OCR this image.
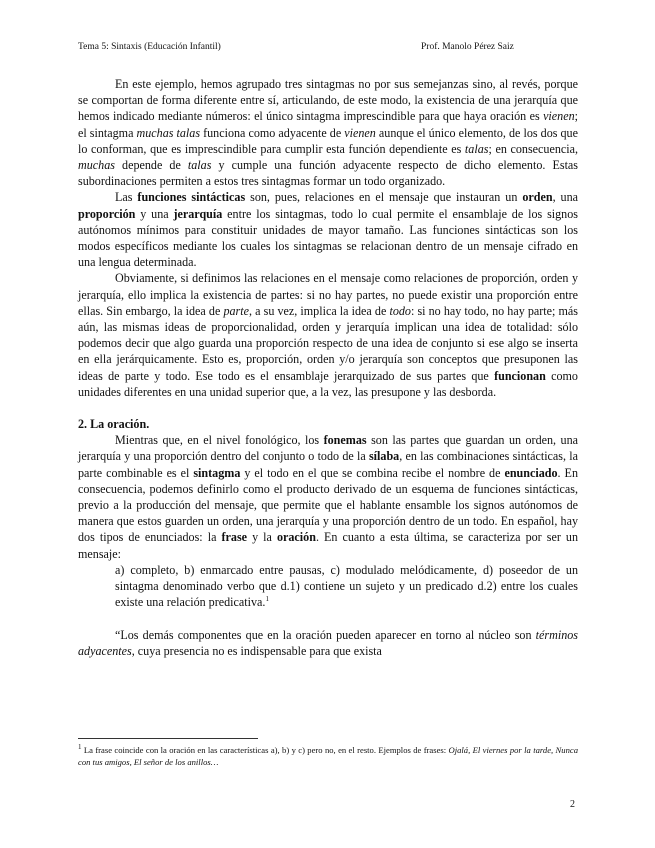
Tema 5: Sintaxis (Educación Infantil)	Prof. Manolo Pérez Saiz

En este ejemplo, hemos agrupado tres sintagmas no por sus semejanzas sino, al revés, porque se comportan de forma diferente entre sí, articulando, de este modo, la existencia de una jerarquía que hemos indicado mediante números: el único sintagma imprescindible para que haya oración es vienen; el sintagma muchas talas funciona como adyacente de vienen aunque el único elemento, de los dos que lo conforman, que es imprescindible para cumplir esta función dependiente es talas; en consecuencia, muchas depende de talas y cumple una función adyacente respecto de dicho elemento. Estas subordinaciones permiten a estos tres sintagmas formar un todo organizado.

Las funciones sintácticas son, pues, relaciones en el mensaje que instauran un orden, una proporción y una jerarquía entre los sintagmas, todo lo cual permite el ensamblaje de los signos autónomos mínimos para constituir unidades de mayor tamaño. Las funciones sintácticas son los modos específicos mediante los cuales los sintagmas se relacionan dentro de un mensaje cifrado en una lengua determinada.

Obviamente, si definimos las relaciones en el mensaje como relaciones de proporción, orden y jerarquía, ello implica la existencia de partes: si no hay partes, no puede existir una proporción entre ellas. Sin embargo, la idea de parte, a su vez, implica la idea de todo: si no hay todo, no hay parte; más aún, las mismas ideas de proporcionalidad, orden y jerarquía implican una idea de totalidad: sólo podemos decir que algo guarda una proporción respecto de una idea de conjunto si ese algo se inserta en ella jerárquicamente. Esto es, proporción, orden y/o jerarquía son conceptos que presuponen las ideas de parte y todo. Ese todo es el ensamblaje jerarquizado de sus partes que funcionan como unidades diferentes en una unidad superior que, a la vez, las presupone y las desborda.

2. La oración.

Mientras que, en el nivel fonológico, los fonemas son las partes que guardan un orden, una jerarquía y una proporción dentro del conjunto o todo de la sílaba, en las combinaciones sintácticas, la parte combinable es el sintagma y el todo en el que se combina recibe el nombre de enunciado. En consecuencia, podemos definirlo como el producto derivado de un esquema de funciones sintácticas, previo a la producción del mensaje, que permite que el hablante ensamble los signos autónomos de manera que estos guarden un orden, una jerarquía y una proporción dentro de un todo. En español, hay dos tipos de enunciados: la frase y la oración. En cuanto a esta última, se caracteriza por ser un mensaje:

a) completo, b) enmarcado entre pausas, c) modulado melódicamente, d) poseedor de un sintagma denominado verbo que d.1) contiene un sujeto y un predicado d.2) entre los cuales existe una relación predicativa.$^1$

“Los demás componentes que en la oración pueden aparecer en torno al núcleo son términos adyacentes, cuya presencia no es indispensable para que exista

$^1$ La frase coincide con la oración en las características a), b) y c) pero no, en el resto. Ejemplos de frases: Ojalá, El viernes por la tarde, Nunca con tus amigos, El señor de los anillos…
2
